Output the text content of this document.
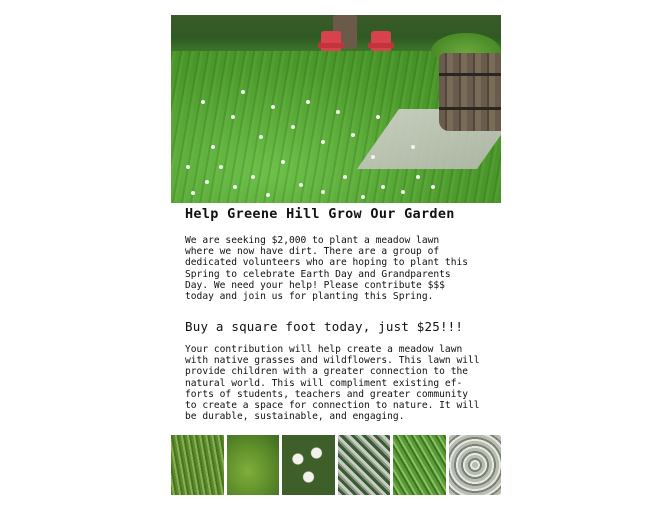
Help Greene Hill Grow Our Garden

We are seeking $2,000 to plant a meadow lawn
where we now have dirt. There are a group of
dedicated volunteers who are hoping to plant this
Spring to celebrate Earth Day and Grandparents
Day. We need your help! Please contribute $$$
today and join us for planting this Spring.

Buy a square foot today, just $25!!!

Your contribution will help create a meadow lawn
with native grasses and wildflowers. This lawn will
provide children with a greater connection to the
natural world. This will compliment existing ef-
forts of students, teachers and greater community
to create a space for connection to nature. It will
be durable, sustainable, and engaging.
